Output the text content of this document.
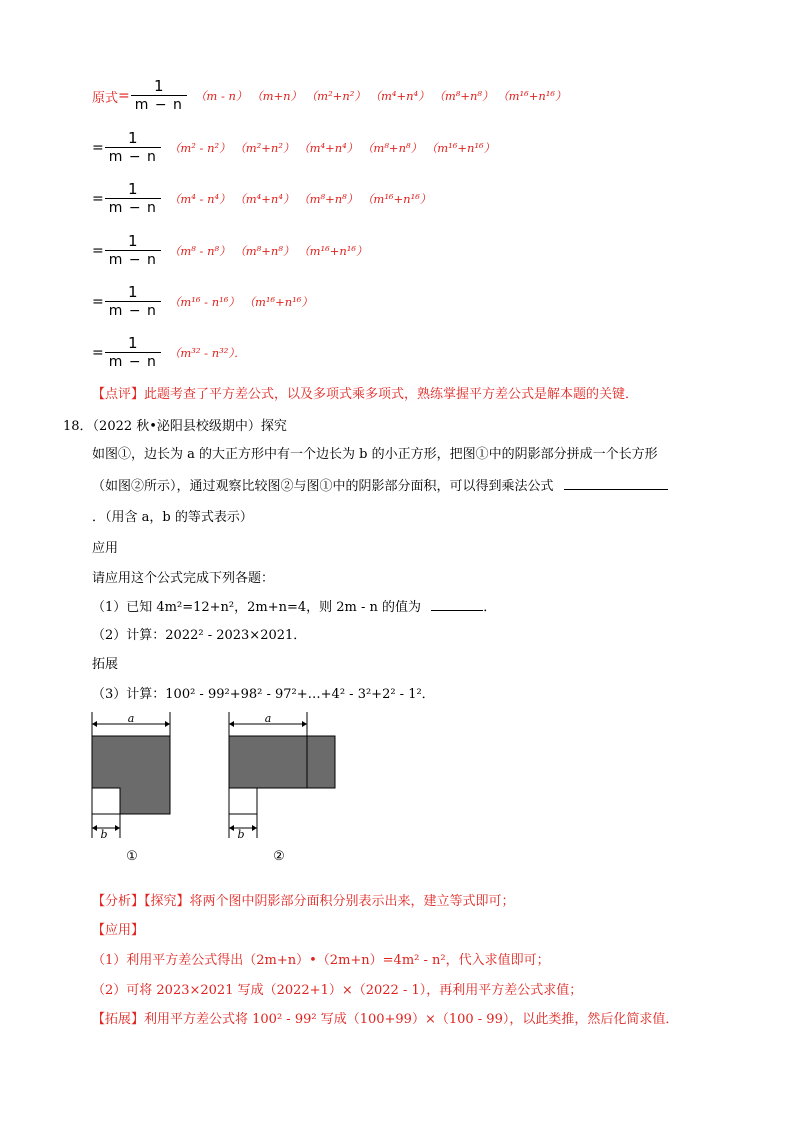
原式 = $\frac{1}{m - n} (m - n)$ （m+n） （m²+n²） （m⁴+n⁴） （m⁸+n⁸） （m¹⁶+n¹⁶）
= $\frac{1}{m - n} (m^2 - n^2)$ （m²+n²） （m⁴+n⁴） （m⁸+n⁸） （m¹⁶+n¹⁶）
= $\frac{1}{m - n} (m^4 - n^4)$ （m⁴+n⁴） （m⁸+n⁸） （m¹⁶+n¹⁶）
= $\frac{1}{m - n} (m^8 - n^8)$ （m⁸+n⁸） （m¹⁶+n¹⁶）
= $\frac{1}{m - n} (m^{16} - n^{16})$ （m¹⁶+n¹⁶）
= $\frac{1}{m - n} (m^{32} - n^{32})$．
【点评】此题考查了平方差公式，以及多项式乘多项式，熟练掌握平方差公式是解本题的关键．
18．（2022 秋•泌阳县校级期中）探究
如图①，边长为 a 的大正方形中有一个边长为 b 的小正方形，把图①中的阴影部分拼成一个长方形
（如图②所示），通过观察比较图②与图①中的阴影部分面积，可以得到乘法公式
．（用含 a，b 的等式表示）
应用
请应用这个公式完成下列各题：
（1）已知 4m²=12+n²，2m+n=4，则 2m - n 的值为	．
（2）计算：2022² - 2023×2021．
拓展
（3）计算：100² - 99²+98² - 97²+…+4² - 3²+2² - 1²．
a
b
①
a
b
②
【分析】【探究】将两个图中阴影部分面积分别表示出来，建立等式即可；
【应用】
（1）利用平方差公式得出（2m+n）•（2m+n）=4m² - n²，代入求值即可；
（2）可将 2023×2021 写成（2022+1）×（2022 - 1），再利用平方差公式求值；
【拓展】利用平方差公式将 100² - 99² 写成（100+99）×（100 - 99），以此类推，然后化简求值．
